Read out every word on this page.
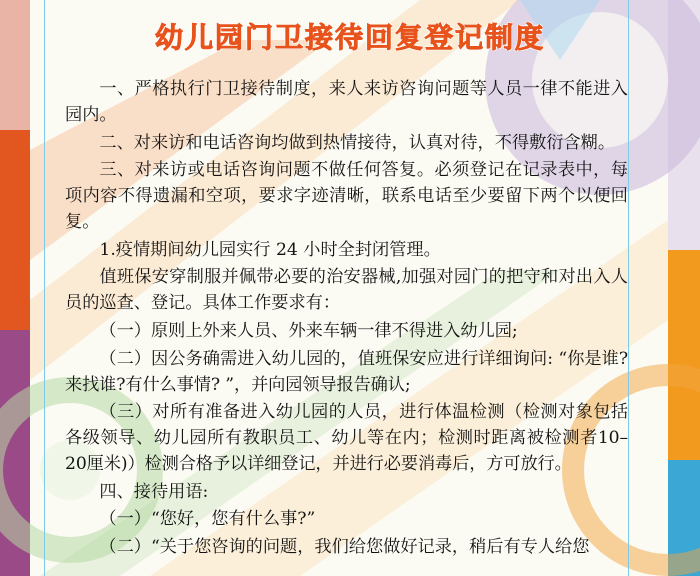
幼儿园门卫接待回复登记制度

一、严格执行门卫接待制度，来人来访咨询问题等人员一律不能进入园内。

二、对来访和电话咨询均做到热情接待，认真对待，不得敷衍含糊。

三、对来访或电话咨询问题不做任何答复。必须登记在记录表中，每项内容不得遗漏和空项，要求字迹清晰，联系电话至少要留下两个以便回复。

1.疫情期间幼儿园实行 24 小时全封闭管理。

值班保安穿制服并佩带必要的治安器械,加强对园门的把守和对出入人员的巡查、登记。具体工作要求有：

（一）原则上外来人员、外来车辆一律不得进入幼儿园;

（二）因公务确需进入幼儿园的，值班保安应进行详细询问: “你是谁?来找谁?有什么事情? ”，并向园领导报告确认;

（三）对所有准备进入幼儿园的人员，进行体温检测（检测对象包括各级领导、幼儿园所有教职员工、幼儿等在内；检测时距离被检测者10–20厘米)）检测合格予以详细登记，并进行必要消毒后，方可放行。

四、接待用语:

（一）“您好，您有什么事?”

（二）“关于您咨询的问题，我们给您做好记录，稍后有专人给您
